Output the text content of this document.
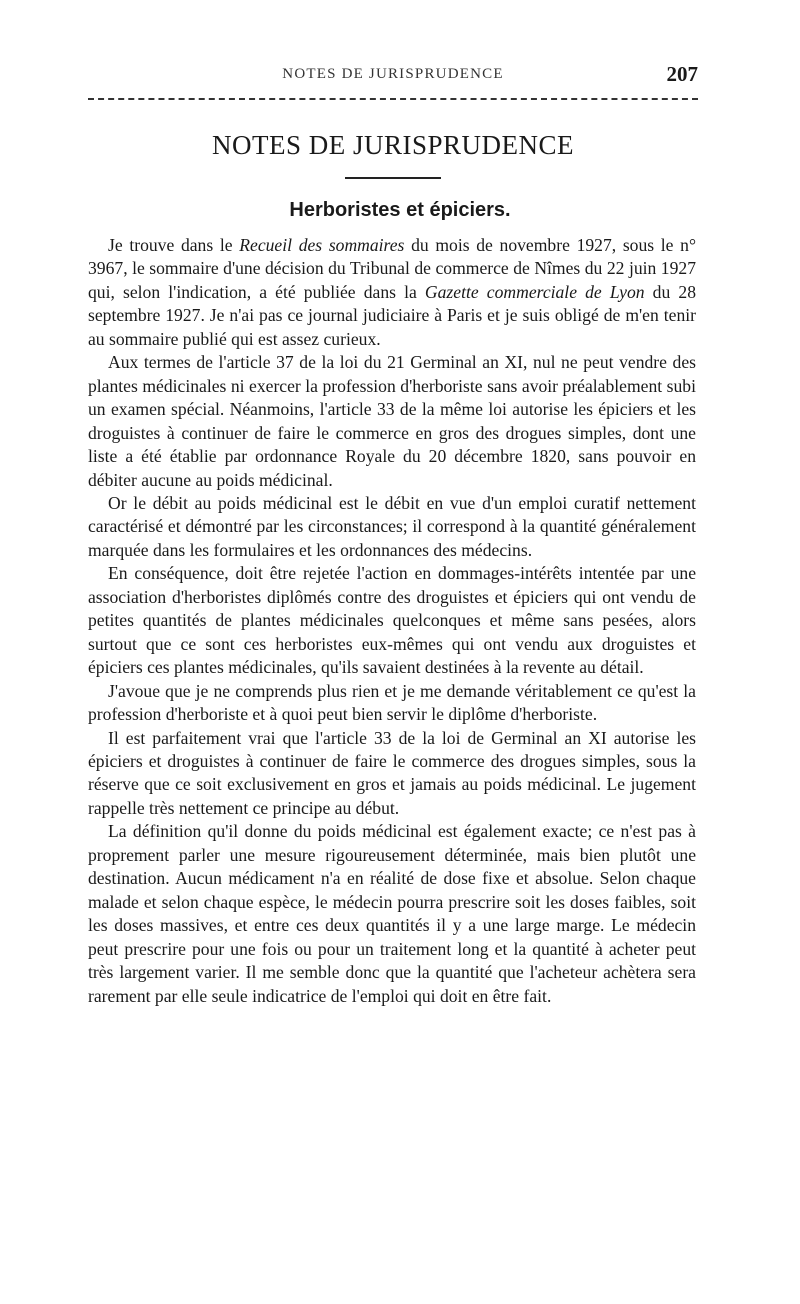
NOTES DE JURISPRUDENCE	207
NOTES DE JURISPRUDENCE
Herboristes et épiciers.

Je trouve dans le Recueil des sommaires du mois de novembre 1927, sous le n° 3967, le sommaire d'une décision du Tribunal de commerce de Nîmes du 22 juin 1927 qui, selon l'indication, a été publiée dans la Gazette commerciale de Lyon du 28 septembre 1927. Je n'ai pas ce journal judiciaire à Paris et je suis obligé de m'en tenir au sommaire publié qui est assez curieux.

Aux termes de l'article 37 de la loi du 21 Germinal an XI, nul ne peut vendre des plantes médicinales ni exercer la profession d'herboriste sans avoir préalablement subi un examen spécial. Néanmoins, l'article 33 de la même loi autorise les épiciers et les droguistes à continuer de faire le commerce en gros des drogues simples, dont une liste a été établie par ordonnance Royale du 20 décembre 1820, sans pouvoir en débiter aucune au poids médicinal.

Or le débit au poids médicinal est le débit en vue d'un emploi curatif nettement caractérisé et démontré par les circonstances; il correspond à la quantité généralement marquée dans les formulaires et les ordonnances des médecins.

En conséquence, doit être rejetée l'action en dommages-intérêts intentée par une association d'herboristes diplômés contre des droguistes et épiciers qui ont vendu de petites quantités de plantes médicinales quelconques et même sans pesées, alors surtout que ce sont ces herboristes eux-mêmes qui ont vendu aux droguistes et épiciers ces plantes médicinales, qu'ils savaient destinées à la revente au détail.

J'avoue que je ne comprends plus rien et je me demande véritablement ce qu'est la profession d'herboriste et à quoi peut bien servir le diplôme d'herboriste.

Il est parfaitement vrai que l'article 33 de la loi de Germinal an XI autorise les épiciers et droguistes à continuer de faire le commerce des drogues simples, sous la réserve que ce soit exclusivement en gros et jamais au poids médicinal. Le jugement rappelle très nettement ce principe au début.

La définition qu'il donne du poids médicinal est également exacte; ce n'est pas à proprement parler une mesure rigoureusement déterminée, mais bien plutôt une destination. Aucun médicament n'a en réalité de dose fixe et absolue. Selon chaque malade et selon chaque espèce, le médecin pourra prescrire soit les doses faibles, soit les doses massives, et entre ces deux quantités il y a une large marge. Le médecin peut prescrire pour une fois ou pour un traitement long et la quantité à acheter peut très largement varier. Il me semble donc que la quantité que l'acheteur achètera sera rarement par elle seule indicatrice de l'emploi qui doit en être fait.
